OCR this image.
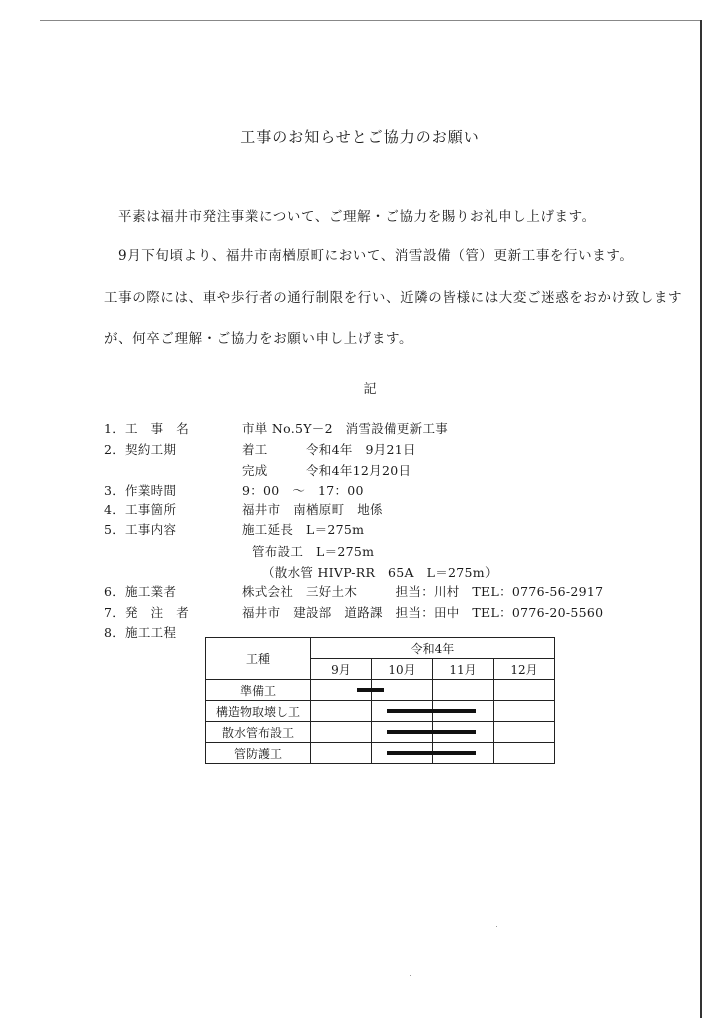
工事のお知らせとご協力のお願い
平素は福井市発注事業について、ご理解・ご協力を賜りお礼申し上げます。
9月下旬頃より、福井市南楢原町において、消雪設備（管）更新工事を行います。
工事の際には、車や歩行者の通行制限を行い、近隣の皆様には大変ご迷惑をおかけ致します
が、何卒ご理解・ご協力をお願い申し上げます。
記
1．工　事　名	市単 No.5Y－2　消雪設備更新工事
2．契約工期	着工　　　令和4年　9月21日
完成　　　令和4年12月20日
3．作業時間	9：00　～　17：00
4．工事箇所	福井市　南楢原町　地係
5．工事内容	施工延長　L＝275m
管布設工　L＝275m
（散水管 HIVP-RR　65A　L＝275m）
6．施工業者	株式会社　三好土木　　　担当：川村　TEL：0776-56-2917
7．発　注　者	福井市　建設部　道路課　担当：田中　TEL：0776-20-5560
8．施工工程
工種	令和4年			
	9月	10月	11月	12月
準備工				

構造物取壊し工				

散水管布設工				

管防護工				
